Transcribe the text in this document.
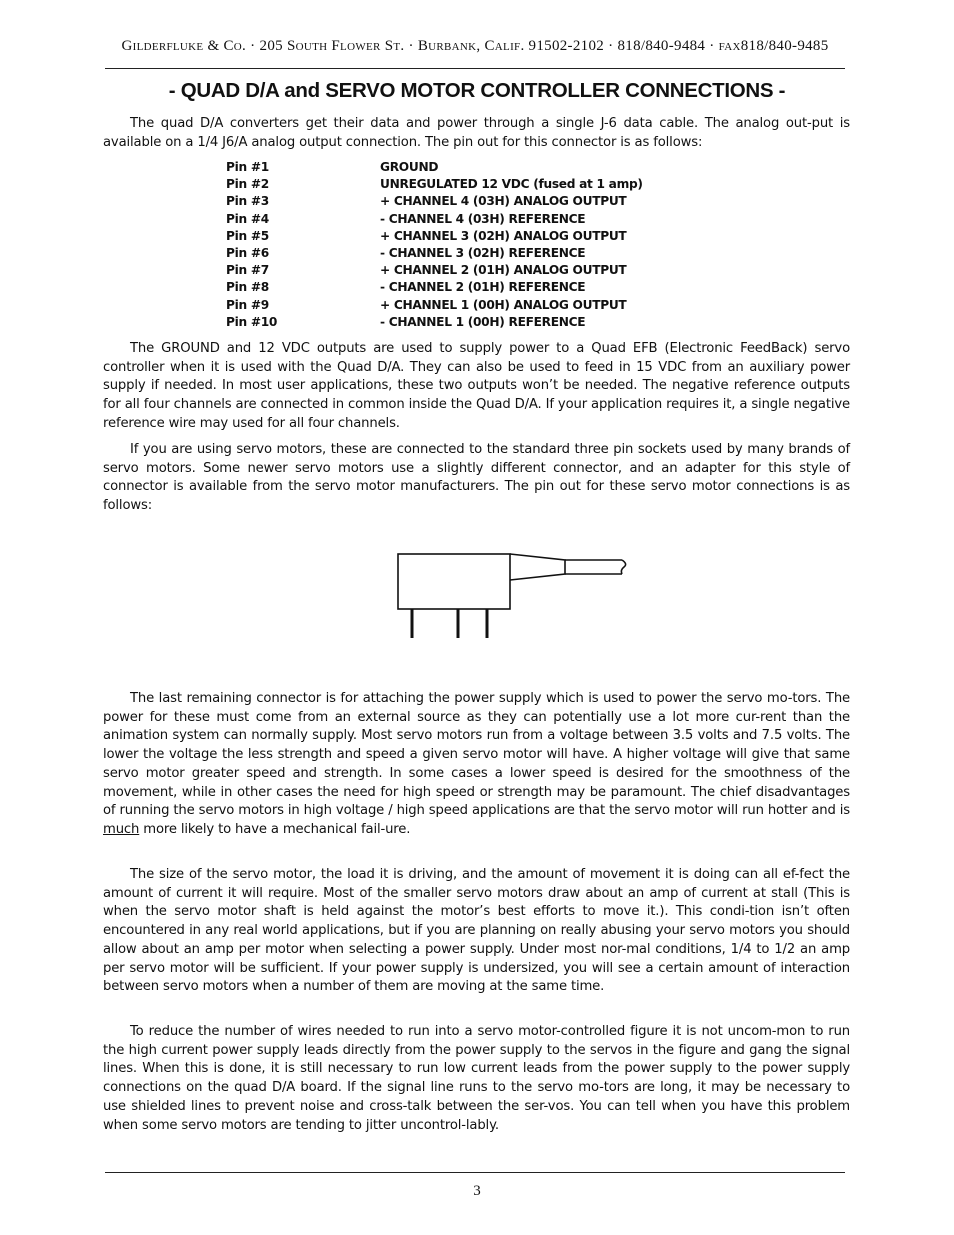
Gilderfluke & Co. · 205 South Flower St. · Burbank, Calif. 91502-2102 · 818/840-9484 · fax818/840-9485
- QUAD D/A and SERVO MOTOR CONTROLLER CONNECTIONS -

The quad D/A converters get their data and power through a single J-6 data cable. The analog out-put is available on a 1/4 J6/A analog output connection. The pin out for this connector is as follows:

Pin #1	GROUND
Pin #2	UNREGULATED 12 VDC (fused at 1 amp)
Pin #3	+ CHANNEL 4 (03H) ANALOG OUTPUT
Pin #4	- CHANNEL 4 (03H) REFERENCE
Pin #5	+ CHANNEL 3 (02H) ANALOG OUTPUT
Pin #6	- CHANNEL 3 (02H) REFERENCE
Pin #7	+ CHANNEL 2 (01H) ANALOG OUTPUT
Pin #8	- CHANNEL 2 (01H) REFERENCE
Pin #9	+ CHANNEL 1 (00H) ANALOG OUTPUT
Pin #10	- CHANNEL 1 (00H) REFERENCE

The GROUND and 12 VDC outputs are used to supply power to a Quad EFB (Electronic FeedBack) servo controller when it is used with the Quad D/A. They can also be used to feed in 15 VDC from an auxiliary power supply if needed. In most user applications, these two outputs won’t be needed. The negative reference outputs for all four channels are connected in common inside the Quad D/A. If your application requires it, a single negative reference wire may used for all four channels.

If you are using servo motors, these are connected to the standard three pin sockets used by many brands of servo motors. Some newer servo motors use a slightly different connector, and an adapter for this style of connector is available from the servo motor manufacturers. The pin out for these servo motor connections is as follows:

The last remaining connector is for attaching the power supply which is used to power the servo mo-tors. The power for these must come from an external source as they can potentially use a lot more cur-rent than the animation system can normally supply. Most servo motors run from a voltage between 3.5 volts and 7.5 volts. The lower the voltage the less strength and speed a given servo motor will have. A higher voltage will give that same servo motor greater speed and strength. In some cases a lower speed is desired for the smoothness of the movement, while in other cases the need for high speed or strength may be paramount. The chief disadvantages of running the servo motors in high voltage / high speed applications are that the servo motor will run hotter and is much more likely to have a mechanical fail-ure.

The size of the servo motor, the load it is driving, and the amount of movement it is doing can all ef-fect the amount of current it will require. Most of the smaller servo motors draw about an amp of current at stall (This is when the servo motor shaft is held against the motor’s best efforts to move it.). This condi-tion isn’t often encountered in any real world applications, but if you are planning on really abusing your servo motors you should allow about an amp per motor when selecting a power supply. Under most nor-mal conditions, 1/4 to 1/2 an amp per servo motor will be sufficient. If your power supply is undersized, you will see a certain amount of interaction between servo motors when a number of them are moving at the same time.

To reduce the number of wires needed to run into a servo motor-controlled figure it is not uncom-mon to run the high current power supply leads directly from the power supply to the servos in the figure and gang the signal lines. When this is done, it is still necessary to run low current leads from the power supply to the power supply connections on the quad D/A board. If the signal line runs to the servo mo-tors are long, it may be necessary to use shielded lines to prevent noise and cross-talk between the ser-vos. You can tell when you have this problem when some servo motors are tending to jitter uncontrol-lably.

3
